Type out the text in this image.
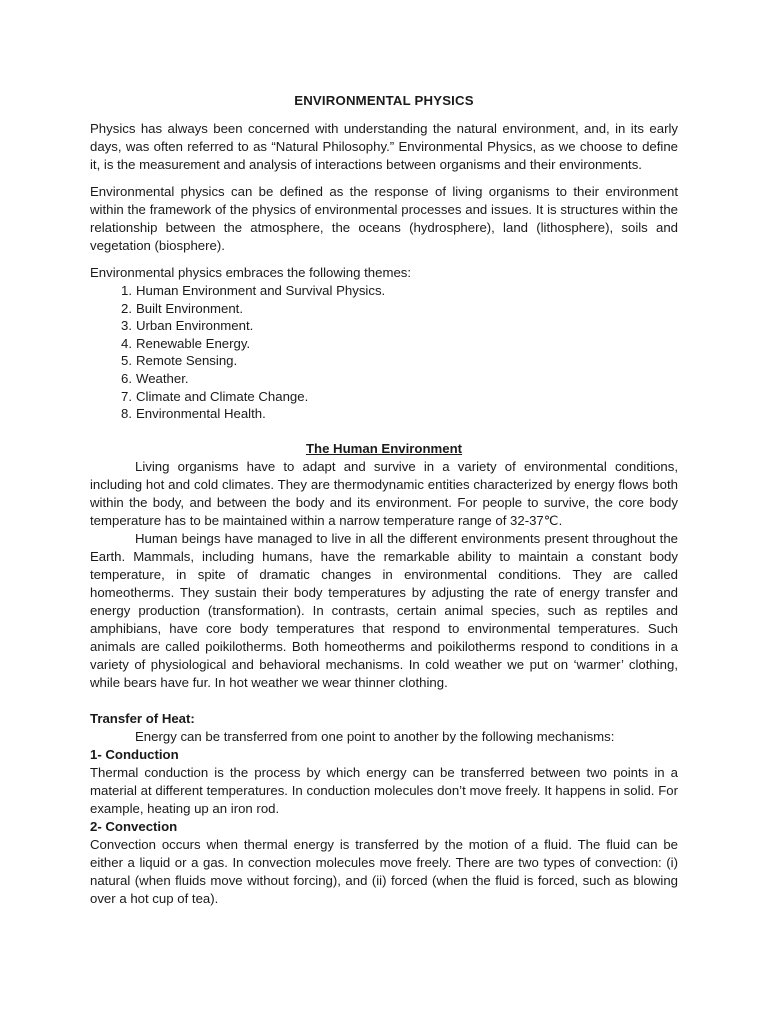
ENVIRONMENTAL PHYSICS

Physics has always been concerned with understanding the natural environment, and, in its early days, was often referred to as “Natural Philosophy.” Environmental Physics, as we choose to define it, is the measurement and analysis of interactions between organisms and their environments.

Environmental physics can be defined as the response of living organisms to their environment within the framework of the physics of environmental processes and issues. It is structures within the relationship between the atmosphere, the oceans (hydrosphere), land (lithosphere), soils and vegetation (biosphere).

Environmental physics embraces the following themes:

1. Human Environment and Survival Physics.
2. Built Environment.
3. Urban Environment.
4. Renewable Energy.
5. Remote Sensing.
6. Weather.
7. Climate and Climate Change.
8. Environmental Health.

The Human Environment

Living organisms have to adapt and survive in a variety of environmental conditions, including hot and cold climates. They are thermodynamic entities characterized by energy flows both within the body, and between the body and its environment. For people to survive, the core body temperature has to be maintained within a narrow temperature range of 32-37℃.

Human beings have managed to live in all the different environments present throughout the Earth. Mammals, including humans, have the remarkable ability to maintain a constant body temperature, in spite of dramatic changes in environmental conditions. They are called homeotherms. They sustain their body temperatures by adjusting the rate of energy transfer and energy production (transformation). In contrasts, certain animal species, such as reptiles and amphibians, have core body temperatures that respond to environmental temperatures. Such animals are called poikilotherms. Both homeotherms and poikilotherms respond to conditions in a variety of physiological and behavioral mechanisms. In cold weather we put on ‘warmer’ clothing, while bears have fur. In hot weather we wear thinner clothing.

Transfer of Heat:

Energy can be transferred from one point to another by the following mechanisms:

1- Conduction

Thermal conduction is the process by which energy can be transferred between two points in a material at different temperatures. In conduction molecules don’t move freely. It happens in solid. For example, heating up an iron rod.

2- Convection

Convection occurs when thermal energy is transferred by the motion of a fluid. The fluid can be either a liquid or a gas. In convection molecules move freely. There are two types of convection: (i) natural (when fluids move without forcing), and (ii) forced (when the fluid is forced, such as blowing over a hot cup of tea).
